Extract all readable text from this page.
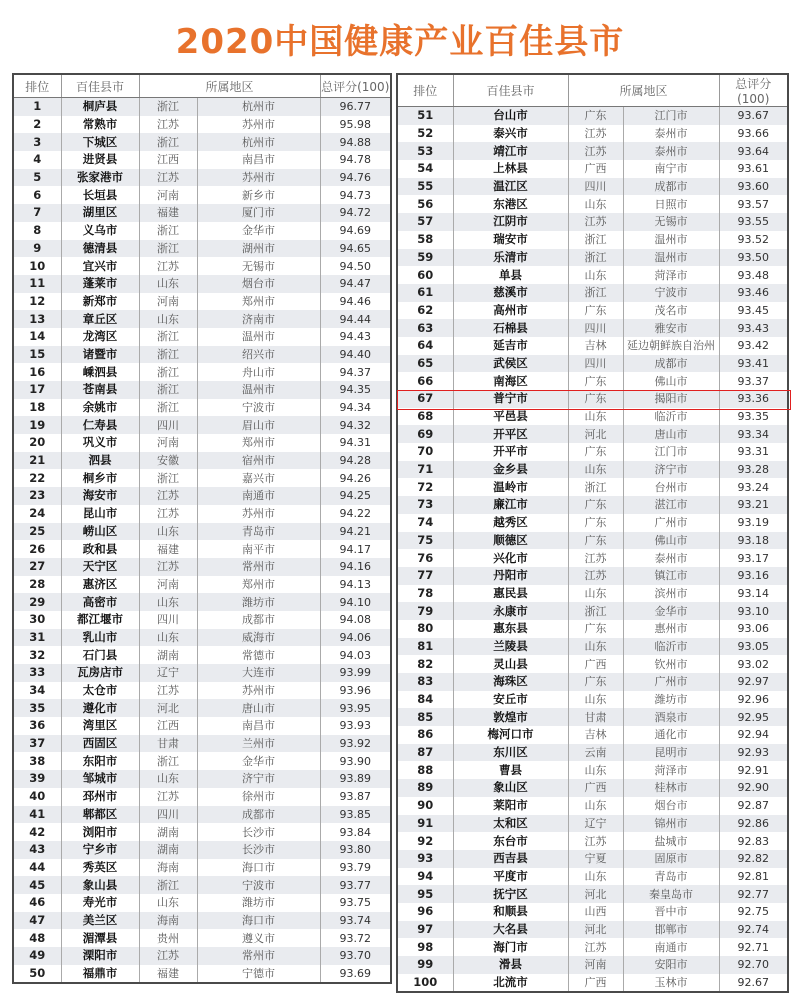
2020中国健康产业百佳县市
排位	百佳县市	所属地区		总评分(100)
1	桐庐县	浙江	杭州市	96.77
2	常熟市	江苏	苏州市	95.98
3	下城区	浙江	杭州市	94.88
4	进贤县	江西	南昌市	94.78
5	张家港市	江苏	苏州市	94.76
6	长垣县	河南	新乡市	94.73
7	湖里区	福建	厦门市	94.72
8	义乌市	浙江	金华市	94.69
9	德清县	浙江	湖州市	94.65
10	宜兴市	江苏	无锡市	94.50
11	蓬莱市	山东	烟台市	94.47
12	新郑市	河南	郑州市	94.46
13	章丘区	山东	济南市	94.44
14	龙湾区	浙江	温州市	94.43
15	诸暨市	浙江	绍兴市	94.40
16	嵊泗县	浙江	舟山市	94.37
17	苍南县	浙江	温州市	94.35
18	余姚市	浙江	宁波市	94.34
19	仁寿县	四川	眉山市	94.32
20	巩义市	河南	郑州市	94.31
21	泗县	安徽	宿州市	94.28
22	桐乡市	浙江	嘉兴市	94.26
23	海安市	江苏	南通市	94.25
24	昆山市	江苏	苏州市	94.22
25	崂山区	山东	青岛市	94.21
26	政和县	福建	南平市	94.17
27	天宁区	江苏	常州市	94.16
28	惠济区	河南	郑州市	94.13
29	高密市	山东	潍坊市	94.10
30	都江堰市	四川	成都市	94.08
31	乳山市	山东	威海市	94.06
32	石门县	湖南	常德市	94.03
33	瓦房店市	辽宁	大连市	93.99
34	太仓市	江苏	苏州市	93.96
35	遵化市	河北	唐山市	93.95
36	湾里区	江西	南昌市	93.93
37	西固区	甘肃	兰州市	93.92
38	东阳市	浙江	金华市	93.90
39	邹城市	山东	济宁市	93.89
40	邳州市	江苏	徐州市	93.87
41	郫都区	四川	成都市	93.85
42	浏阳市	湖南	长沙市	93.84
43	宁乡市	湖南	长沙市	93.80
44	秀英区	海南	海口市	93.79
45	象山县	浙江	宁波市	93.77
46	寿光市	山东	潍坊市	93.75
47	美兰区	海南	海口市	93.74
48	湄潭县	贵州	遵义市	93.72
49	溧阳市	江苏	常州市	93.70
50	福鼎市	福建	宁德市	93.69
排位	百佳县市	所属地区		总评分(100)
51	台山市	广东	江门市	93.67
52	泰兴市	江苏	泰州市	93.66
53	靖江市	江苏	泰州市	93.64
54	上林县	广西	南宁市	93.61
55	温江区	四川	成都市	93.60
56	东港区	山东	日照市	93.57
57	江阴市	江苏	无锡市	93.55
58	瑞安市	浙江	温州市	93.52
59	乐清市	浙江	温州市	93.50
60	单县	山东	菏泽市	93.48
61	慈溪市	浙江	宁波市	93.46
62	高州市	广东	茂名市	93.45
63	石棉县	四川	雅安市	93.43
64	延吉市	吉林	延边朝鲜族自治州	93.42
65	武侯区	四川	成都市	93.41
66	南海区	广东	佛山市	93.37
67	普宁市	广东	揭阳市	93.36
68	平邑县	山东	临沂市	93.35
69	开平区	河北	唐山市	93.34
70	开平市	广东	江门市	93.31
71	金乡县	山东	济宁市	93.28
72	温岭市	浙江	台州市	93.24
73	廉江市	广东	湛江市	93.21
74	越秀区	广东	广州市	93.19
75	顺德区	广东	佛山市	93.18
76	兴化市	江苏	泰州市	93.17
77	丹阳市	江苏	镇江市	93.16
78	惠民县	山东	滨州市	93.14
79	永康市	浙江	金华市	93.10
80	惠东县	广东	惠州市	93.06
81	兰陵县	山东	临沂市	93.05
82	灵山县	广西	钦州市	93.02
83	海珠区	广东	广州市	92.97
84	安丘市	山东	潍坊市	92.96
85	敦煌市	甘肃	酒泉市	92.95
86	梅河口市	吉林	通化市	92.94
87	东川区	云南	昆明市	92.93
88	曹县	山东	菏泽市	92.91
89	象山区	广西	桂林市	92.90
90	莱阳市	山东	烟台市	92.87
91	太和区	辽宁	锦州市	92.86
92	东台市	江苏	盐城市	92.83
93	西吉县	宁夏	固原市	92.82
94	平度市	山东	青岛市	92.81
95	抚宁区	河北	秦皇岛市	92.77
96	和顺县	山西	晋中市	92.75
97	大名县	河北	邯郸市	92.74
98	海门市	江苏	南通市	92.71
99	滑县	河南	安阳市	92.70
100	北流市	广西	玉林市	92.67
